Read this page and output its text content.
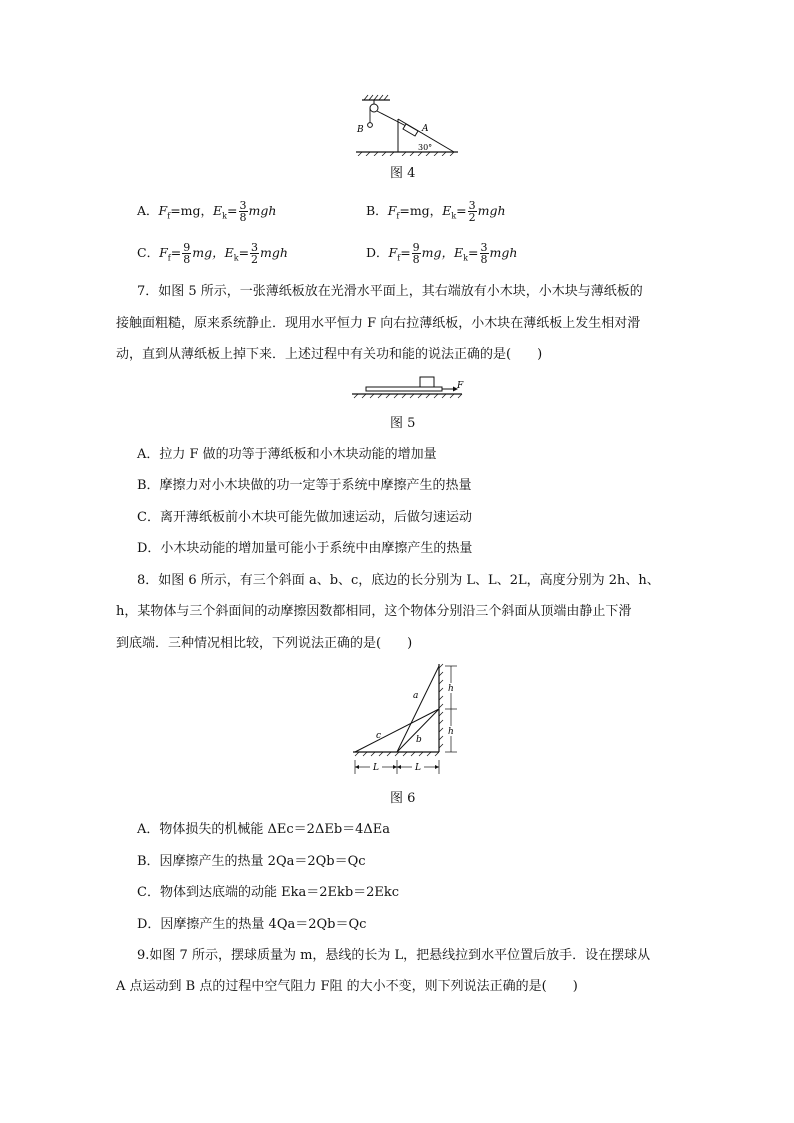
B	A
30°
图 4
A．$F_f=mg$，$E_k= \frac{3}{8}$ mgh	B．$F_f=mg$，$E_k= \frac{3}{2}$ mgh
C．$F_f= \frac{9}{8}$ mg，$E_k= \frac{3}{2}$ mgh	D．$F_f= \frac{9}{8}$ mg，$E_k= \frac{3}{8}$ mgh
7．如图 5 所示，一张薄纸板放在光滑水平面上，其右端放有小木块，小木块与薄纸板的
接触面粗糙，原来系统静止．现用水平恒力 F 向右拉薄纸板，小木块在薄纸板上发生相对滑
动，直到从薄纸板上掉下来．上述过程中有关功和能的说法正确的是(　　)
F
图 5
A．拉力 F 做的功等于薄纸板和小木块动能的增加量
B．摩擦力对小木块做的功一定等于系统中摩擦产生的热量
C．离开薄纸板前小木块可能先做加速运动，后做匀速运动
D．小木块动能的增加量可能小于系统中由摩擦产生的热量
8．如图 6 所示，有三个斜面 a、b、c，底边的长分别为 L、L、2L，高度分别为 2h、h、
h，某物体与三个斜面间的动摩擦因数都相同，这个物体分别沿三个斜面从顶端由静止下滑
到底端．三种情况相比较，下列说法正确的是(　　)
a
b
c
h
h
L	L
图 6
A．物体损失的机械能 ΔEc＝2ΔEb＝4ΔEa
B．因摩擦产生的热量 2Qa＝2Qb＝Qc
C．物体到达底端的动能 Eka＝2Ekb＝2Ekc
D．因摩擦产生的热量 4Qa＝2Qb＝Qc
9.如图 7 所示，摆球质量为 m，悬线的长为 L，把悬线拉到水平位置后放手．设在摆球从
A 点运动到 B 点的过程中空气阻力 F阻 的大小不变，则下列说法正确的是(　　)
